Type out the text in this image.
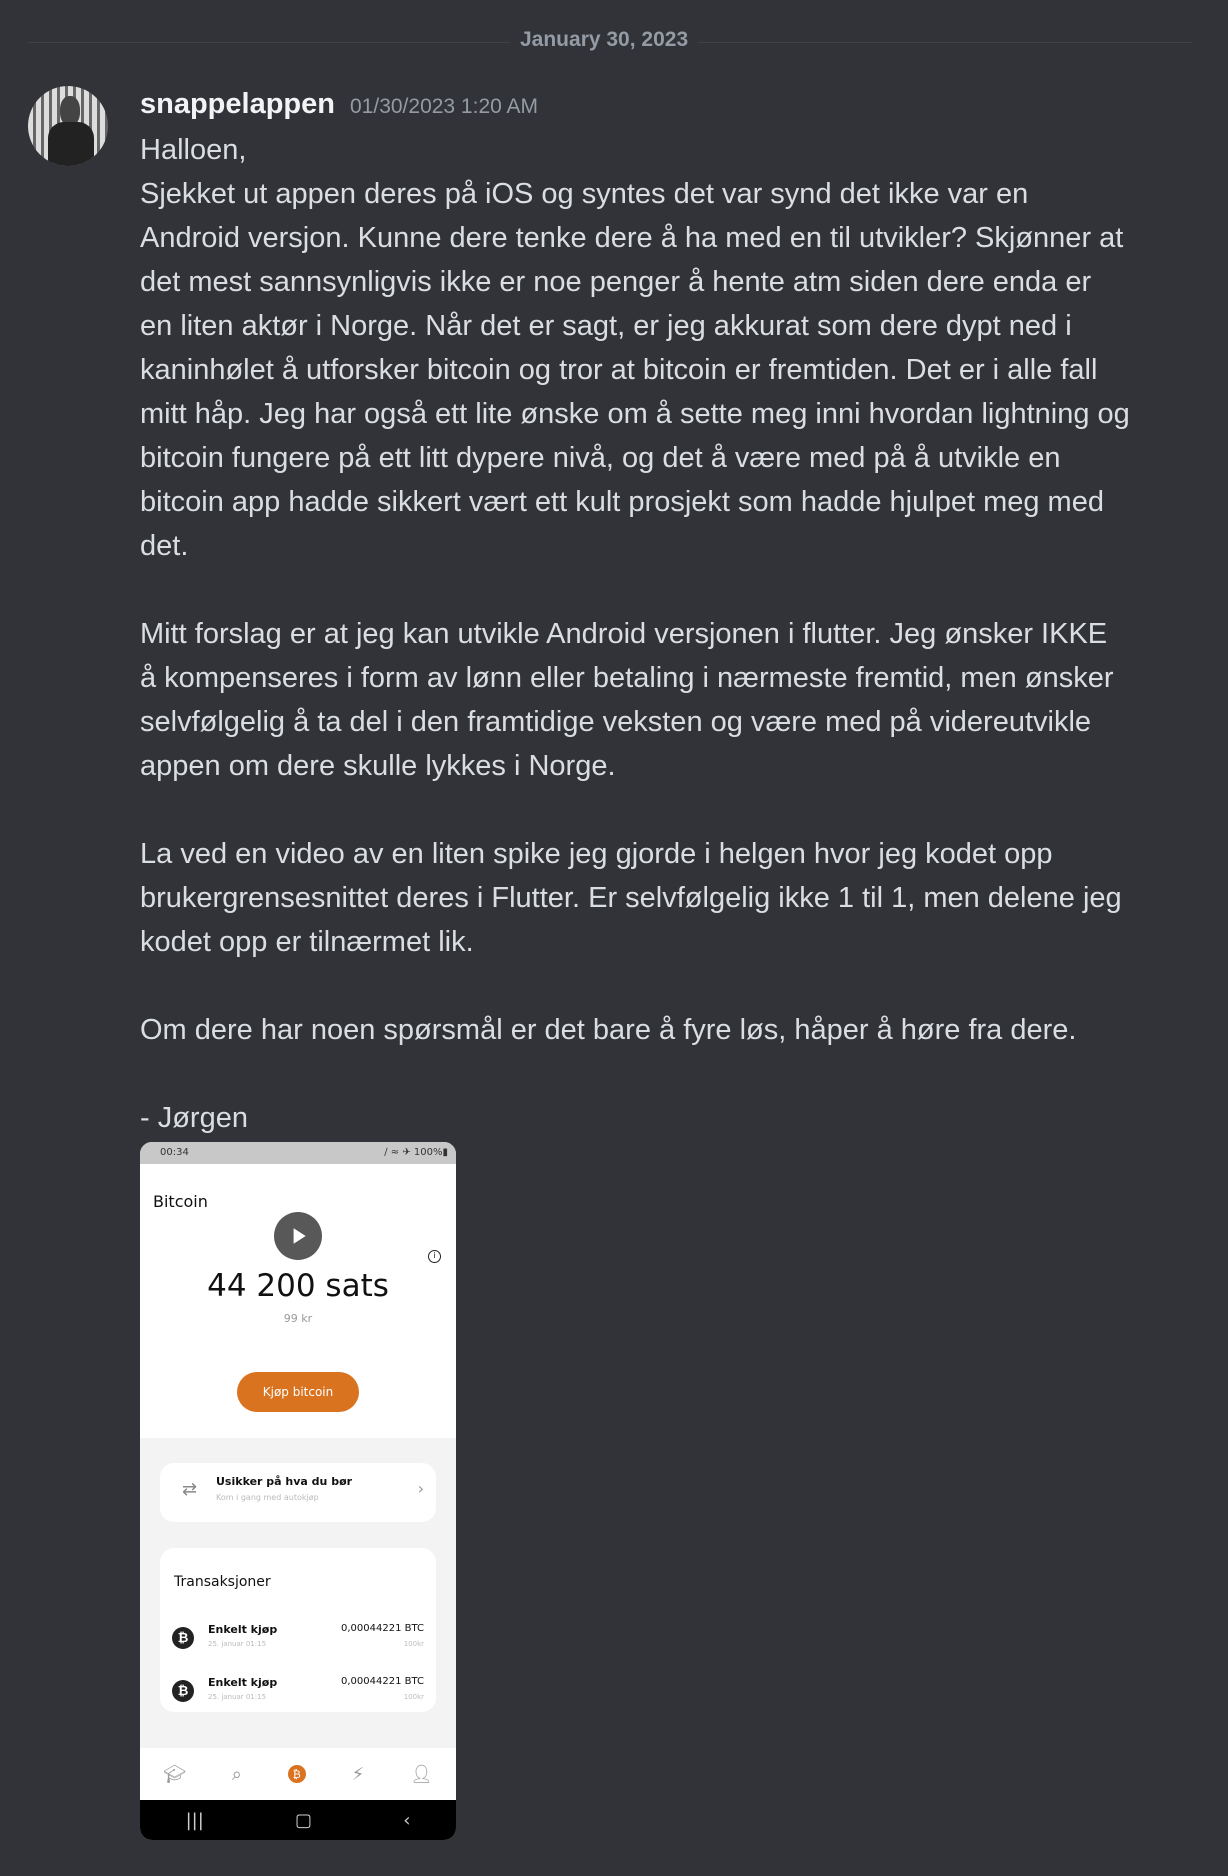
January 30, 2023
snappelappen 01/30/2023 1:20 AM
Halloen,
Sjekket ut appen deres på iOS og syntes det var synd det ikke var en Android versjon. Kunne dere tenke dere å ha med en til utvikler? Skjønner at det mest sannsynligvis ikke er noe penger å hente atm siden dere enda er en liten aktør i Norge. Når det er sagt, er jeg akkurat som dere dypt ned i kaninhølet å utforsker bitcoin og tror at bitcoin er fremtiden. Det er i alle fall mitt håp. Jeg har også ett lite ønske om å sette meg inni hvordan lightning og bitcoin fungere på ett litt dypere nivå, og det å være med på å utvikle en bitcoin app hadde sikkert vært ett kult prosjekt som hadde hjulpet meg med det.

Mitt forslag er at jeg kan utvikle Android versjonen i flutter. Jeg ønsker IKKE å kompenseres i form av lønn eller betaling i nærmeste fremtid, men ønsker selvfølgelig å ta del i den framtidige veksten og være med på videreutvikle appen om dere skulle lykkes i Norge.

La ved en video av en liten spike jeg gjorde i helgen hvor jeg kodet opp brukergrensesnittet deres i Flutter. Er selvfølgelig ikke 1 til 1, men delene jeg kodet opp er tilnærmet lik.

Om dere har noen spørsmål er det bare å fyre løs, håper å høre fra dere.

- Jørgen
00:34	∕ ≈ ✈ 100%▮
Bitcoin
i
44 200 sats
99 kr
Kjøp bitcoin
⇄ Usikker på hva du bør
Kom i gang med autokjøp	›
Transaksjoner
₿
Enkelt kjøp
25. januar 01:15
0,00044221 BTC
100kr
₿
Enkelt kjøp
25. januar 01:15
0,00044221 BTC
100kr
🎓︎	⌕	₿	⚡︎	👤︎
|||	▢	‹
